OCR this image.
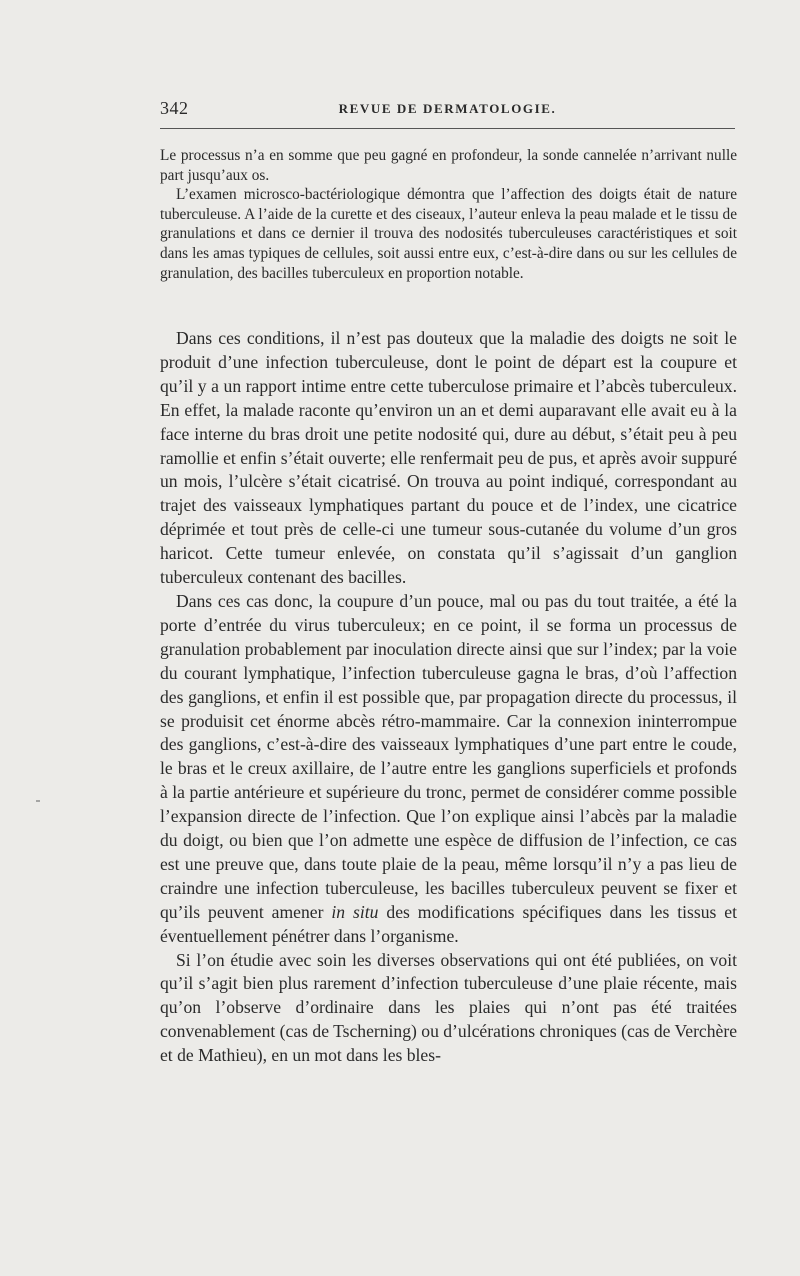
342	REVUE DE DERMATOLOGIE.

Le processus n’a en somme que peu gagné en profondeur, la sonde cannelée n’arrivant nulle part jusqu’aux os.

L’examen microsco-bactériologique démontra que l’affection des doigts était de nature tuberculeuse. A l’aide de la curette et des ciseaux, l’auteur enleva la peau malade et le tissu de granulations et dans ce dernier il trouva des nodosités tuberculeuses caractéristiques et soit dans les amas typiques de cellules, soit aussi entre eux, c’est-à-dire dans ou sur les cellules de granulation, des bacilles tuberculeux en proportion notable.

Dans ces conditions, il n’est pas douteux que la maladie des doigts ne soit le produit d’une infection tuberculeuse, dont le point de départ est la coupure et qu’il y a un rapport intime entre cette tuberculose primaire et l’abcès tuberculeux. En effet, la malade raconte qu’environ un an et demi auparavant elle avait eu à la face interne du bras droit une petite nodosité qui, dure au début, s’était peu à peu ramollie et enfin s’était ouverte; elle renfermait peu de pus, et après avoir suppuré un mois, l’ulcère s’était cicatrisé. On trouva au point indiqué, correspondant au trajet des vaisseaux lymphatiques partant du pouce et de l’index, une cicatrice déprimée et tout près de celle-ci une tumeur sous-cutanée du volume d’un gros haricot. Cette tumeur enlevée, on constata qu’il s’agissait d’un ganglion tuberculeux contenant des bacilles.

Dans ces cas donc, la coupure d’un pouce, mal ou pas du tout traitée, a été la porte d’entrée du virus tuberculeux; en ce point, il se forma un processus de granulation probablement par inoculation directe ainsi que sur l’index; par la voie du courant lymphatique, l’infection tuberculeuse gagna le bras, d’où l’affection des ganglions, et enfin il est possible que, par propagation directe du processus, il se produisit cet énorme abcès rétro-mammaire. Car la connexion ininterrompue des ganglions, c’est-à-dire des vaisseaux lymphatiques d’une part entre le coude, le bras et le creux axillaire, de l’autre entre les ganglions superficiels et profonds à la partie antérieure et supérieure du tronc, permet de considérer comme possible l’expansion directe de l’infection. Que l’on explique ainsi l’abcès par la maladie du doigt, ou bien que l’on admette une espèce de diffusion de l’infection, ce cas est une preuve que, dans toute plaie de la peau, même lorsqu’il n’y a pas lieu de craindre une infection tuberculeuse, les bacilles tuberculeux peuvent se fixer et qu’ils peuvent amener in situ des modifications spécifiques dans les tissus et éventuellement pénétrer dans l’organisme.

Si l’on étudie avec soin les diverses observations qui ont été publiées, on voit qu’il s’agit bien plus rarement d’infection tuberculeuse d’une plaie récente, mais qu’on l’observe d’ordinaire dans les plaies qui n’ont pas été traitées convenablement (cas de Tscherning) ou d’ulcérations chroniques (cas de Verchère et de Mathieu), en un mot dans les bles-
